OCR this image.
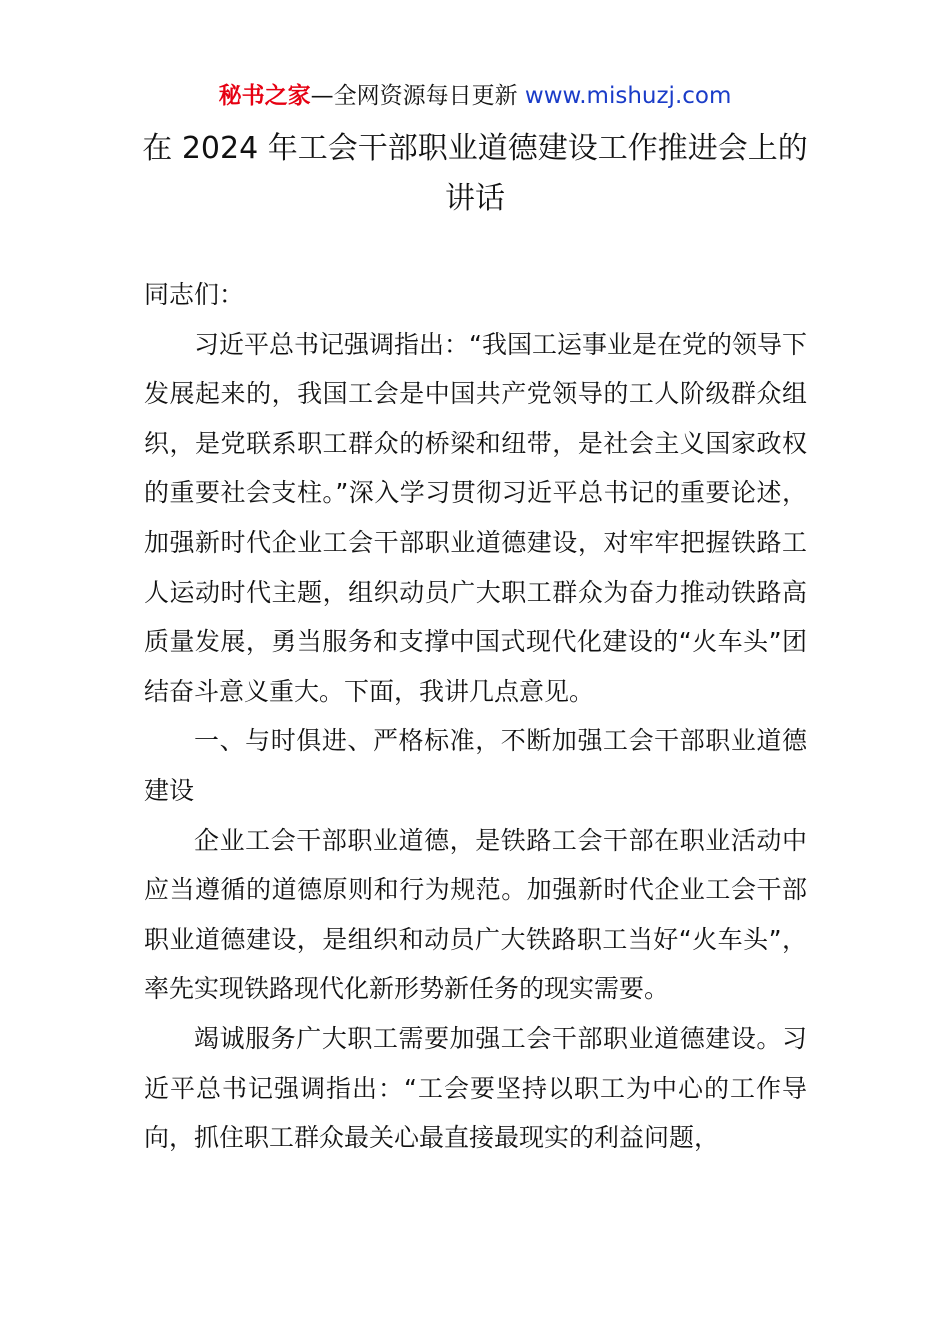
秘书之家—全网资源每日更新 www.mishuzj.com
在 2024 年工会干部职业道德建设工作推进会上的讲话

同志们：

习近平总书记强调指出：“我国工运事业是在党的领导下发展起来的，我国工会是中国共产党领导的工人阶级群众组织，是党联系职工群众的桥梁和纽带，是社会主义国家政权的重要社会支柱。”深入学习贯彻习近平总书记的重要论述，加强新时代企业工会干部职业道德建设，对牢牢把握铁路工人运动时代主题，组织动员广大职工群众为奋力推动铁路高质量发展，勇当服务和支撑中国式现代化建设的“火车头”团结奋斗意义重大。下面，我讲几点意见。

一、与时俱进、严格标准，不断加强工会干部职业道德建设

企业工会干部职业道德，是铁路工会干部在职业活动中应当遵循的道德原则和行为规范。加强新时代企业工会干部职业道德建设，是组织和动员广大铁路职工当好“火车头”，率先实现铁路现代化新形势新任务的现实需要。

竭诚服务广大职工需要加强工会干部职业道德建设。习近平总书记强调指出：“工会要坚持以职工为中心的工作导向，抓住职工群众最关心最直接最现实的利益问题，
